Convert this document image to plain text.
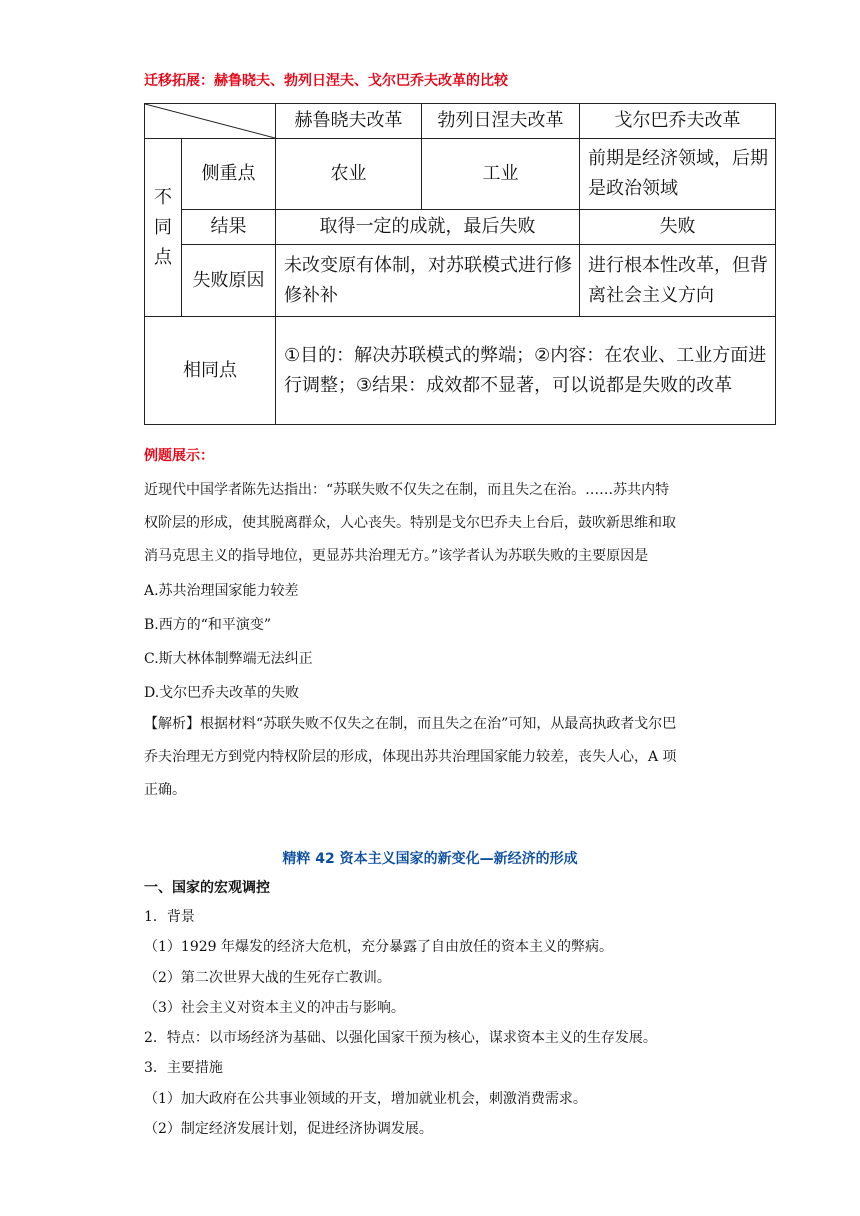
迁移拓展：赫鲁晓夫、勃列日涅夫、戈尔巴乔夫改革的比较
	赫鲁晓夫改革	勃列日涅夫改革	戈尔巴乔夫改革

不
同
点	侧重点	农业	工业	前期是经济领域，后期是政治领域
	结果	取得一定的成就，最后失败		失败
	失败原因	未改变原有体制，对苏联模式进行修修补补		进行根本性改革，但背离社会主义方向
相同点		①目的：解决苏联模式的弊端；②内容：在农业、工业方面进行调整；③结果：成效都不显著，可以说都是失败的改革		
例题展示：

近现代中国学者陈先达指出：“苏联失败不仅失之在制，而且失之在治。……苏共内特

权阶层的形成，使其脱离群众，人心丧失。特别是戈尔巴乔夫上台后，鼓吹新思维和取

消马克思主义的指导地位，更显苏共治理无方。”该学者认为苏联失败的主要原因是

A.苏共治理国家能力较差
B.西方的“和平演变”
C.斯大林体制弊端无法纠正
D.戈尔巴乔夫改革的失败

【解析】根据材料“苏联失败不仅失之在制，而且失之在治”可知，从最高执政者戈尔巴

乔夫治理无方到党内特权阶层的形成，体现出苏共治理国家能力较差，丧失人心，A 项

正确。

精粹 42 资本主义国家的新变化—新经济的形成
一、国家的宏观调控
1．背景
（1）1929 年爆发的经济大危机，充分暴露了自由放任的资本主义的弊病。
（2）第二次世界大战的生死存亡教训。
（3）社会主义对资本主义的冲击与影响。
2．特点：以市场经济为基础、以强化国家干预为核心，谋求资本主义的生存发展。
3．主要措施
（1）加大政府在公共事业领域的开支，增加就业机会，刺激消费需求。
（2）制定经济发展计划，促进经济协调发展。
